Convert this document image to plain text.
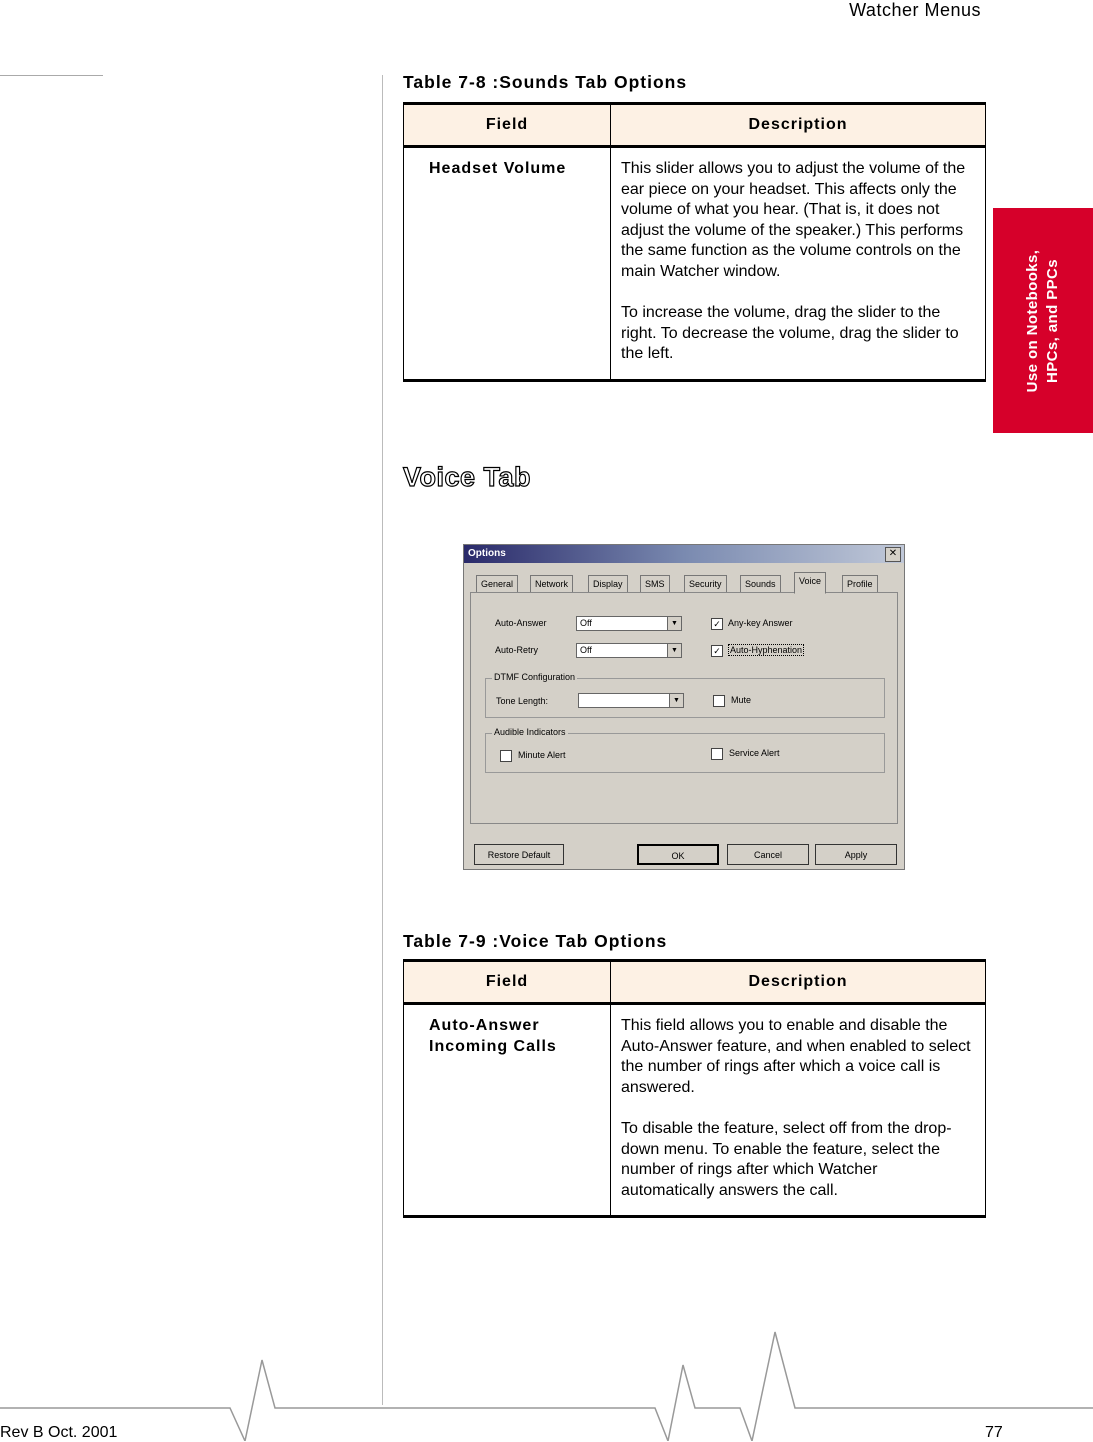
Watcher Menus
Use on Notebooks, HPCs, and PPCs
Table 7-8 :Sounds Tab Options
Field	Description
Headset Volume	This slider allows you to adjust the volume of the ear piece on your headset. This affects only the volume of what you hear. (That is, it does not adjust the volume of the speaker.) This performs the same function as the volume controls on the main Watcher window.

To increase the volume, drag the slider to the right. To decrease the volume, drag the slider to the left.

Voice Tab
Options	✕
General	Network	Display	SMS	Security	Sounds	Voice	Profile
Auto-Answer	Off	▼
Auto-Retry	Off	▼
✓ Any-key Answer
✓ Auto-Hyphenation
DTMF Configuration
Tone Length:	▼	Mute
Audible Indicators
Minute Alert	Service Alert
Restore Default	OK	Cancel	Apply
Table 7-9 :Voice Tab Options
Field	Description
Auto-Answer Incoming Calls	This field allows you to enable and disable the Auto-Answer feature, and when enabled to select the number of rings after which a voice call is answered.

To disable the feature, select off from the drop-down menu. To enable the feature, select the number of rings after which Watcher automatically answers the call.

Rev B Oct. 2001	77
